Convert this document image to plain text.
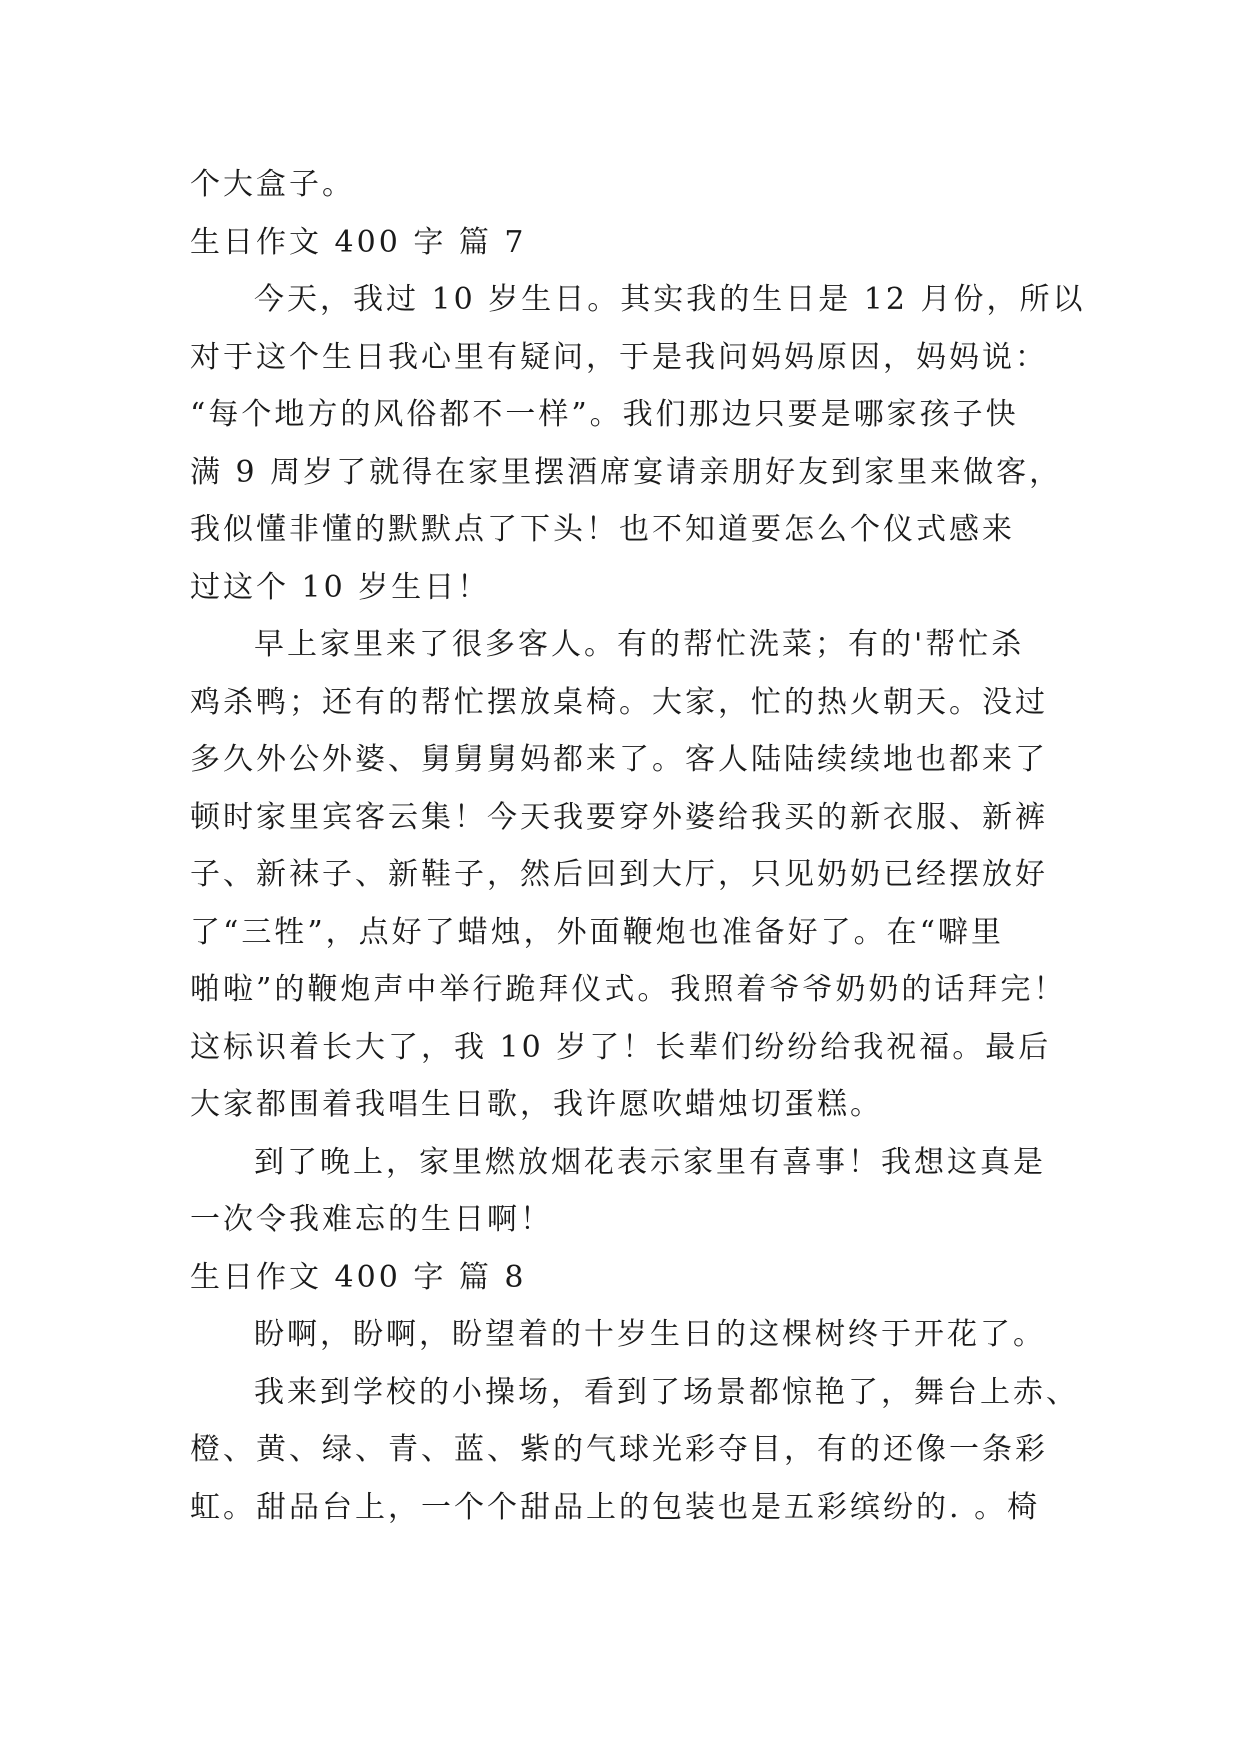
个大盒子。
生日作文 400 字 篇 7
今天，我过 10 岁生日。其实我的生日是 12 月份，所以
对于这个生日我心里有疑问，于是我问妈妈原因，妈妈说：
“每个地方的风俗都不一样”。我们那边只要是哪家孩子快
满 9 周岁了就得在家里摆酒席宴请亲朋好友到家里来做客，
我似懂非懂的默默点了下头！也不知道要怎么个仪式感来
过这个 10 岁生日！
早上家里来了很多客人。有的帮忙洗菜；有的'帮忙杀
鸡杀鸭；还有的帮忙摆放桌椅。大家，忙的热火朝天。没过
多久外公外婆、舅舅舅妈都来了。客人陆陆续续地也都来了
顿时家里宾客云集！今天我要穿外婆给我买的新衣服、新裤
子、新袜子、新鞋子，然后回到大厅，只见奶奶已经摆放好
了“三牲”，点好了蜡烛，外面鞭炮也准备好了。在“噼里
啪啦”的鞭炮声中举行跪拜仪式。我照着爷爷奶奶的话拜完！
这标识着长大了，我 10 岁了！长辈们纷纷给我祝福。最后
大家都围着我唱生日歌，我许愿吹蜡烛切蛋糕。
到了晚上，家里燃放烟花表示家里有喜事！我想这真是
一次令我难忘的生日啊！
生日作文 400 字 篇 8
盼啊，盼啊，盼望着的十岁生日的这棵树终于开花了。
我来到学校的小操场，看到了场景都惊艳了，舞台上赤、
橙、黄、绿、青、蓝、紫的气球光彩夺目，有的还像一条彩
虹。甜品台上，一个个甜品上的包装也是五彩缤纷的. 。椅
